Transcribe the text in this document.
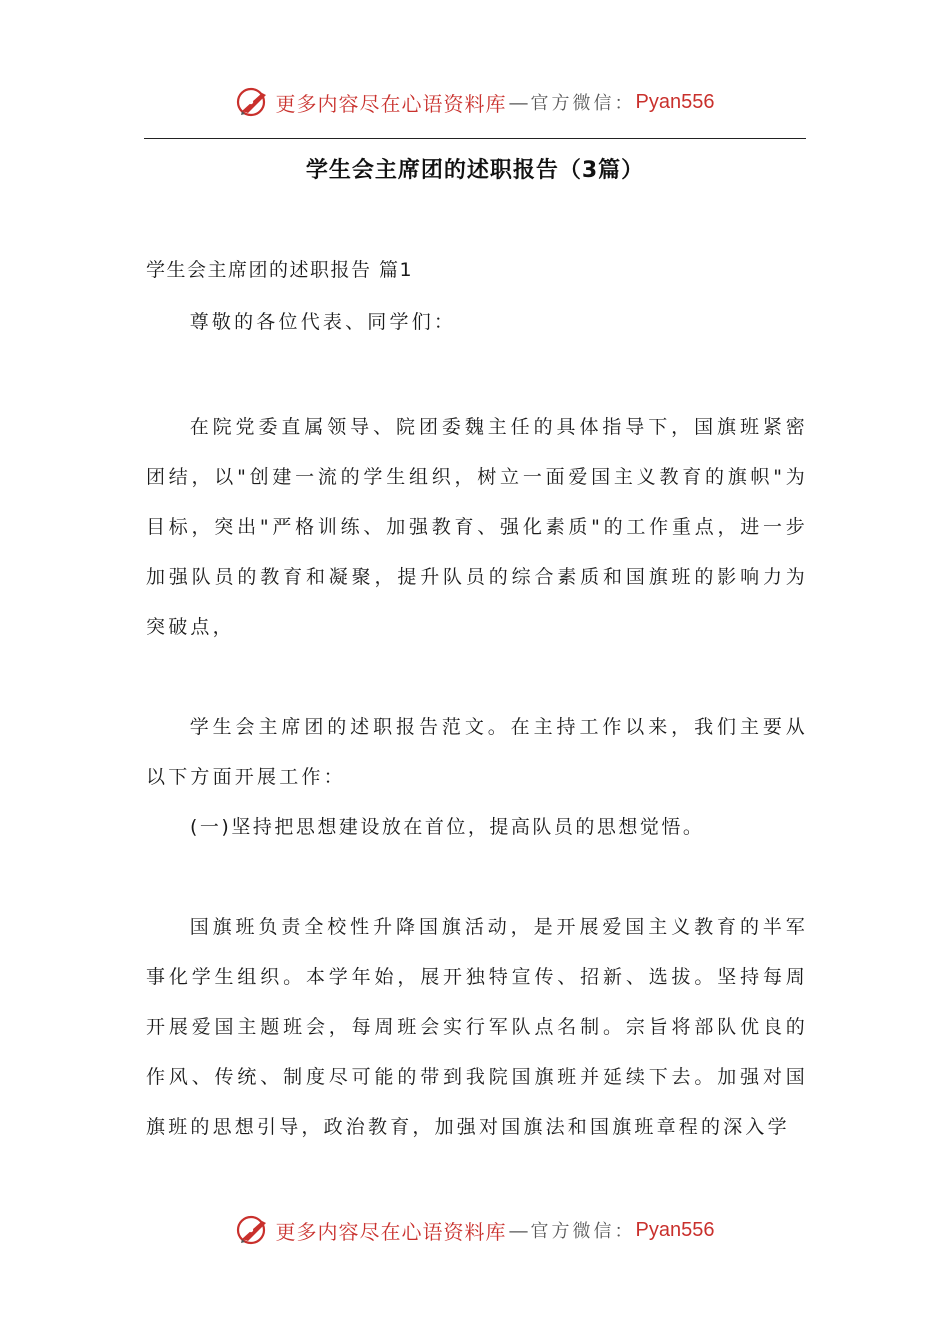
更多内容尽在心语资料库 — 官方微信： Pyan556
学生会主席团的述职报告（3篇）

学生会主席团的述职报告 篇1

尊敬的各位代表、同学们：

在院党委直属领导、院团委魏主任的具体指导下，国旗班紧密团结，以"创建一流的学生组织，树立一面爱国主义教育的旗帜"为目标，突出"严格训练、加强教育、强化素质"的工作重点，进一步加强队员的教育和凝聚，提升队员的综合素质和国旗班的影响力为突破点，

学生会主席团的述职报告范文。在主持工作以来，我们主要从以下方面开展工作：

(一)坚持把思想建设放在首位，提高队员的思想觉悟。

国旗班负责全校性升降国旗活动，是开展爱国主义教育的半军事化学生组织。本学年始，展开独特宣传、招新、选拔。坚持每周开展爱国主题班会，每周班会实行军队点名制。宗旨将部队优良的作风、传统、制度尽可能的带到我院国旗班并延续下去。加强对国旗班的思想引导，政治教育，加强对国旗法和国旗班章程的深入学

更多内容尽在心语资料库 — 官方微信： Pyan556
